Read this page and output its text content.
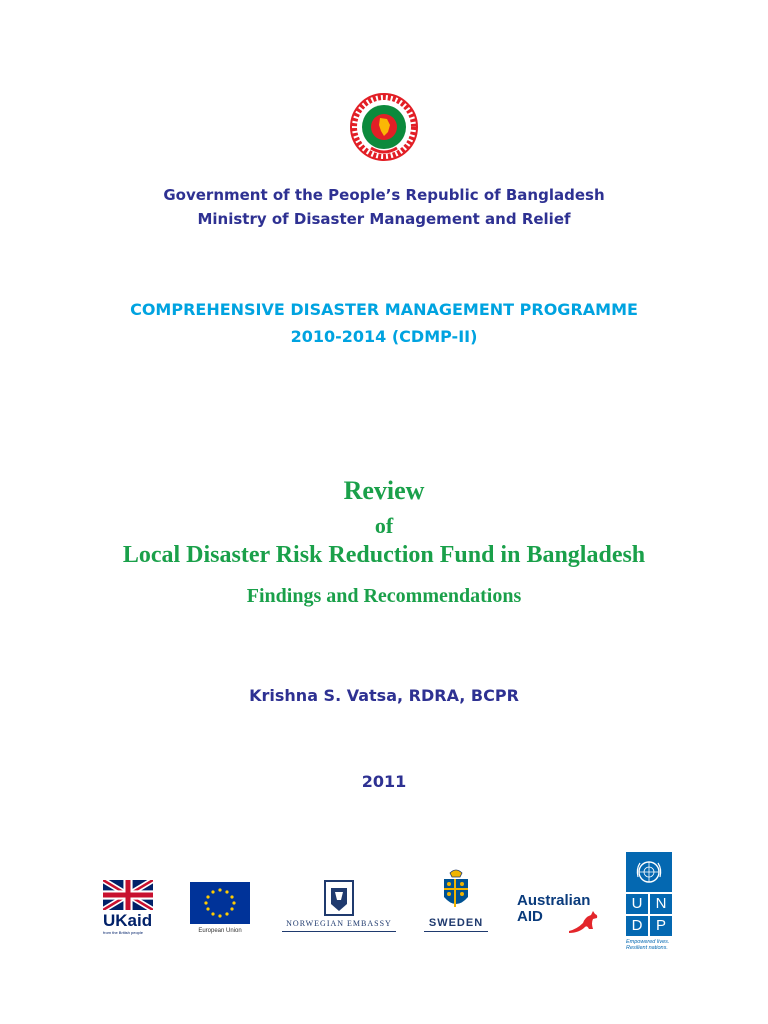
Government of the People’s Republic of Bangladesh
Ministry of Disaster Management and Relief
COMPREHENSIVE DISASTER MANAGEMENT PROGRAMME
2010-2014 (CDMP-II)
Review
of
Local Disaster Risk Reduction Fund in Bangladesh
Findings and Recommendations
Krishna S. Vatsa, RDRA, BCPR
2011
UKaid
from the British people	European Union
NORWEGIAN EMBASSY	SWEDEN
Australian
AID
U N
D P
Empowered lives.
Resilient nations.
